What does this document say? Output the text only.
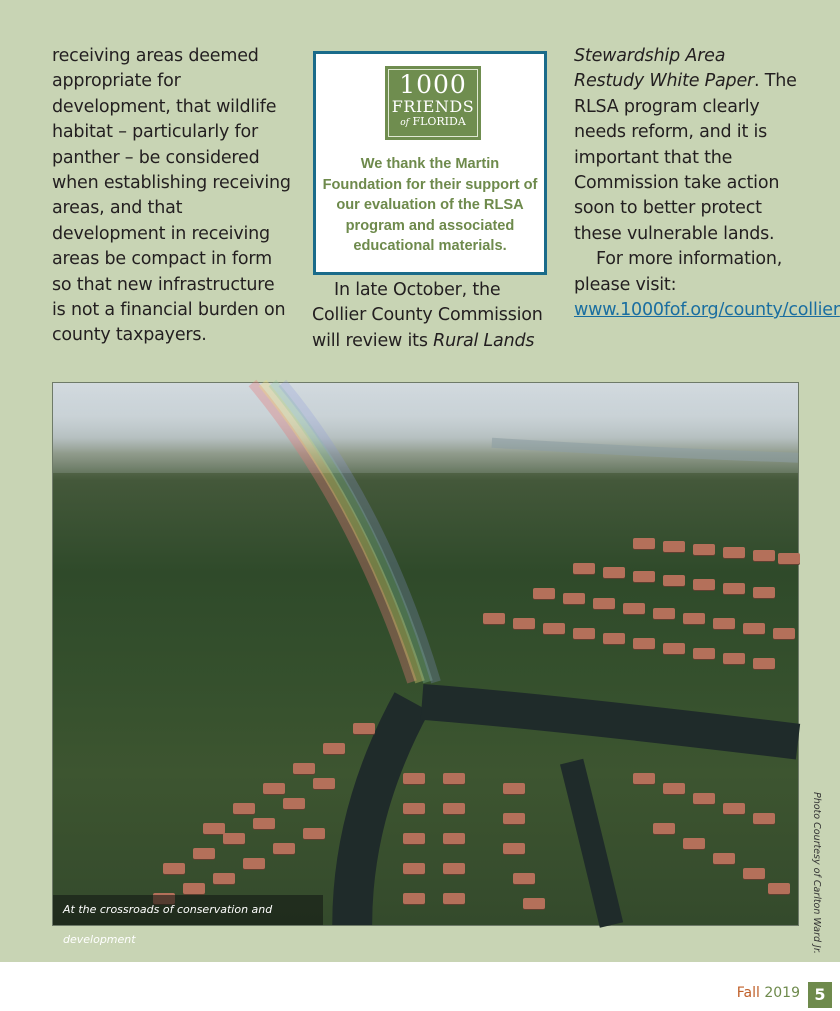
receiving areas deemed appropriate for development, that wildlife habitat – particularly for panther – be considered when establishing receiving areas, and that development in receiving areas be compact in form so that new infrastructure is not a financial burden on county taxpayers.

1000
FRIENDS
of FLORIDA
We thank the Martin Foundation for their support of our evaluation of the RLSA program and associated educational materials.

In late October, the Collier County Commission will review its Rural Lands

Stewardship Area Restudy White Paper. The RLSA program clearly needs reform, and it is important that the Commission take action soon to better protect these vulnerable lands.

For more information, please visit: www.1000fof.org/county/collier

At the crossroads of conservation and development	Photo Courtesy of Carlton Ward Jr.
Fall 2019 5
